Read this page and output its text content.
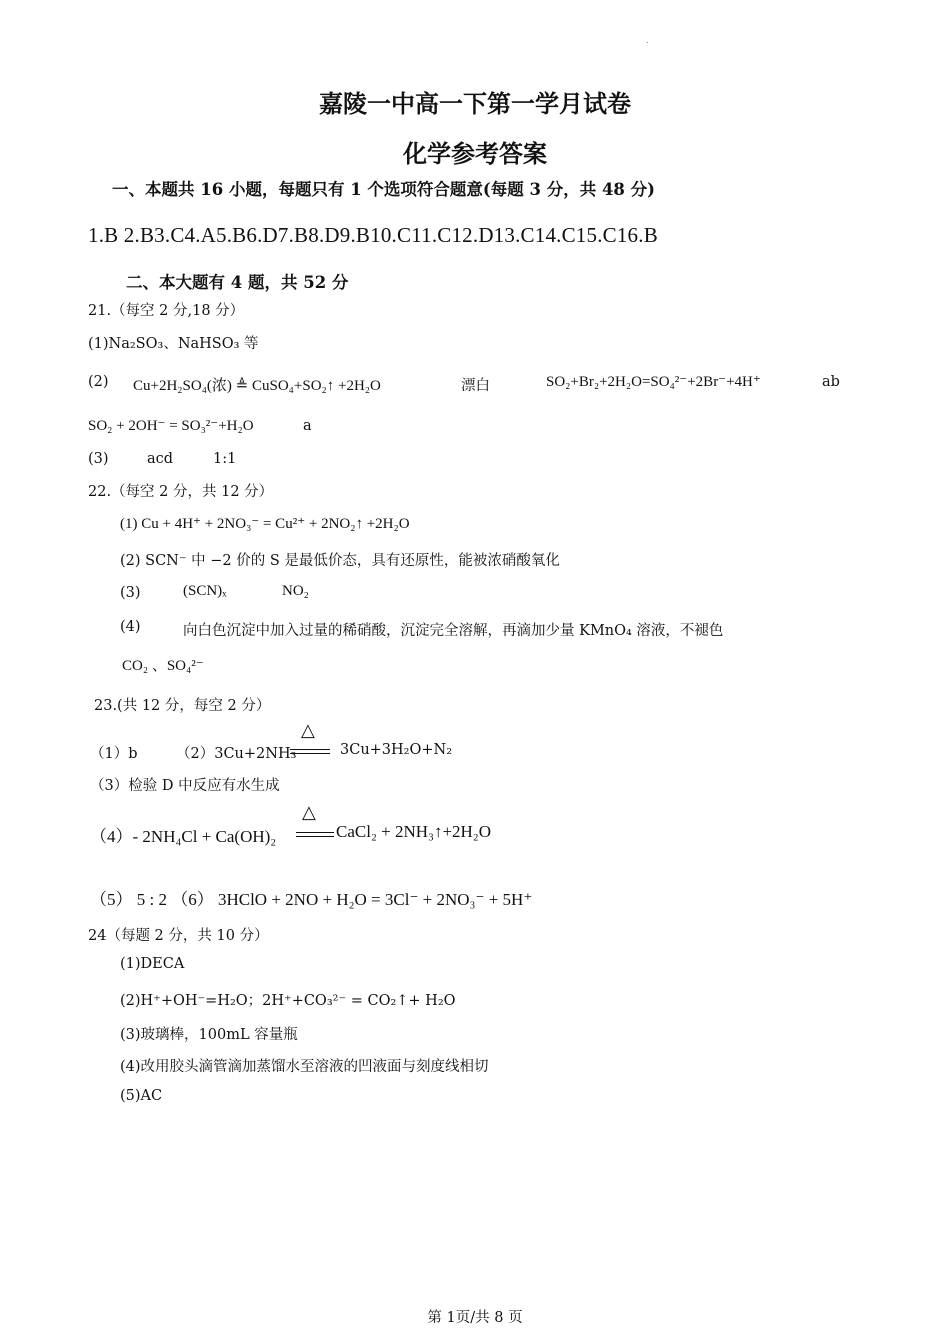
.
嘉陵一中高一下第一学月试卷
化学参考答案
一、本题共 16 小题，每题只有 1 个选项符合题意(每题 3 分，共 48 分)
1.B 2.B3.C4.A5.B6.D7.B8.D9.B10.C11.C12.D13.C14.C15.C16.B
二、本大题有 4 题，共 52 分
21.（每空 2 分,18 分）
(1)Na₂SO₃、NaHSO₃ 等
(2) Cu+2H₂SO₄(浓) ≜ CuSO₄+SO₂↑ +2H₂O	漂白	SO₂+Br₂+2H₂O=SO₄²⁻+2Br⁻+4H⁺	ab
SO₂ + 2OH⁻ = SO₃²⁻+H₂O	a
(3)	acd	1:1
22.（每空 2 分，共 12 分）
(1) Cu + 4H⁺ + 2NO₃⁻ = Cu²⁺ + 2NO₂↑ +2H₂O
(2) SCN⁻ 中 −2 价的 S 是最低价态，具有还原性，能被浓硝酸氧化
(3)	(SCN)ₓ	NO₂
(4)	向白色沉淀中加入过量的稀硝酸，沉淀完全溶解，再滴加少量 KMnO₄ 溶液，不褪色
CO₂ 、SO₄²⁻
23.(共 12 分，每空 2 分）
（1）b	（2）3Cu+2NH₃
△
3Cu+3H₂O+N₂
（3）检验 D 中反应有水生成
（4）- 2NH₄Cl + Ca(OH)₂
△
CaCl₂ + 2NH₃↑+2H₂O
（5） 5 : 2 （6） 3HClO + 2NO + H₂O = 3Cl⁻ + 2NO₃⁻ + 5H⁺
24（每题 2 分，共 10 分）
(1)DECA
(2)H⁺+OH⁻=H₂O；2H⁺+CO₃²⁻ = CO₂↑+ H₂O
(3)玻璃棒，100mL 容量瓶
(4)改用胶头滴管滴加蒸馏水至溶液的凹液面与刻度线相切
(5)AC
第 1页/共 8 页
